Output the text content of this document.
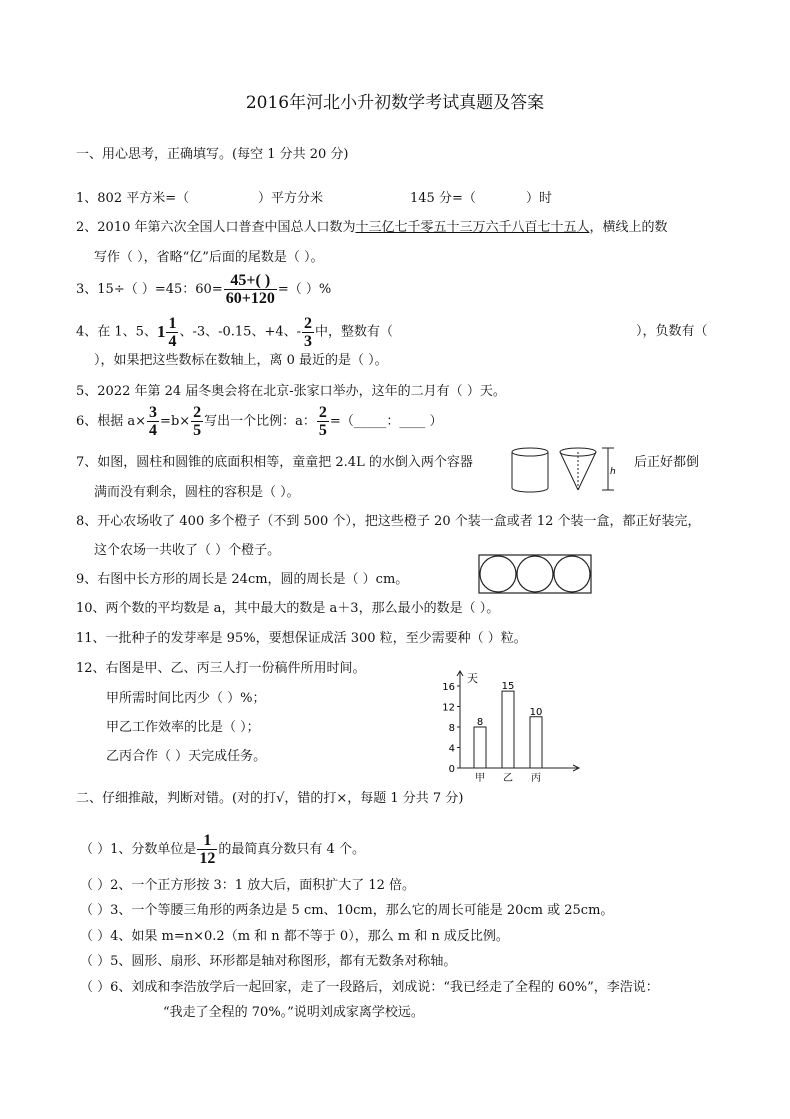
2016年河北小升初数学考试真题及答案
一、用心思考，正确填写。(每空 1 分共 20 分)
1、802 平方米=（	）平方分米	145 分=（	）时
2、2010 年第六次全国人口普查中国总人口数为十三亿七千零五十三万六千八百七十五人，横线上的数
写作（ ），省略“亿”后面的尾数是（ ）。
3、15÷（ ）=45：$60= \frac{45+( )}{60+120}$ =（ ）%
4、在 1、5、$1 \frac{1}{4}$ 、-3、-0.15、+4、- $\frac{2}{3}$ 中，整数有（	），负数有（
），如果把这些数标在数轴上，离 0 最近的是（ ）。
5、2022 年第 24 届冬奥会将在北京-张家口举办，这年的二月有（ ）天。
6、根据 $a\times \frac{3}{4} =b\times \frac{2}{5}$ 写出一个比例：a： $\frac{2}{5}$ =（_____：____ ）
7、如图，圆柱和圆锥的底面积相等，童童把 2.4L 的水倒入两个容器
h
后正好都倒
满而没有剩余，圆柱的容积是（ ）。
8、开心农场收了 400 多个橙子（不到 500 个），把这些橙子 20 个装一盒或者 12 个装一盒，都正好装完，
这个农场一共收了（ ）个橙子。
9、右图中长方形的周长是 24cm，圆的周长是（ ）cm。
10、两个数的平均数是 a，其中最大的数是 a＋3，那么最小的数是（ ）。
11、一批种子的发芽率是 95%，要想保证成活 300 粒，至少需要种（ ）粒。
12、右图是甲、乙、丙三人打一份稿件所用时间。
甲所需时间比丙少（ ）%；
甲乙工作效率的比是（ ）；
乙丙合作（ ）天完成任务。
天
16
12
8
4
0
8
甲
15
乙
10
丙
二、仔细推敲，判断对错。(对的打√，错的打×，每题 1 分共 7 分)
（ ）1、分数单位是 $\frac{1}{12}$ 的最简真分数只有 4 个。
（ ）2、一个正方形按 3：1 放大后，面积扩大了 12 倍。
（ ）3、一个等腰三角形的两条边是 5 cm、10cm，那么它的周长可能是 20cm 或 25cm。
（ ）4、如果 m=n×0.2（m 和 n 都不等于 0），那么 m 和 n 成反比例。
（ ）5、圆形、扇形、环形都是轴对称图形，都有无数条对称轴。
（ ）6、刘成和李浩放学后一起回家，走了一段路后，刘成说：“我已经走了全程的 60%”，李浩说：
“我走了全程的 70%。”说明刘成家离学校远。
